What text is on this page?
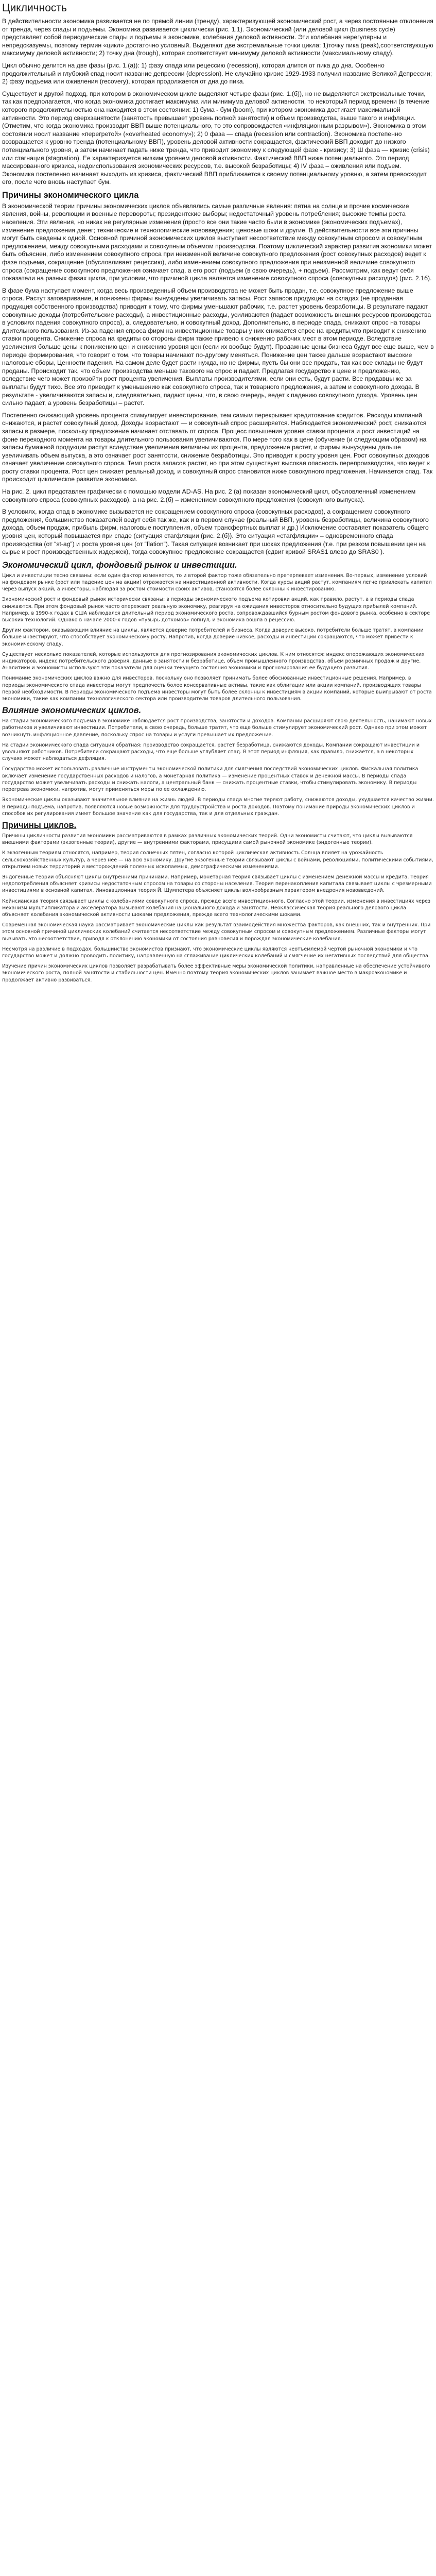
Цикличность

В действительности экономика развивается не по прямой линии (тренду), характеризующей экономический рост, а через постоянные отклонения от тренда, через спады и подъемы. Экономика развивается циклически (рис. 1.1). Экономический (или деловой цикл (business cycle) представляет собой периодические спады и подъемы в экономике, колебания деловой активности. Эти колебания нерегулярны и непредсказуемы, поэтому термин «цикл» достаточно условный. Выделяют две экстремальные точки цикла: 1)точку пика (peak),соответствующую максимуму деловой активности; 2) точку дна (trough), которая соответствует минимуму деловой активности (максимальному спаду).

Цикл обычно делится на две фазы (рис. 1.(а)): 1) фазу спада или рецессию (recession), которая длится от пика до дна. Особенно продолжительный и глубокий спад носит название депрессии (depression). Не случайно кризис 1929-1933 получил название Великой Депрессии; 2) фазу подъема или оживления (recovery), которая продолжается от дна до пика.

Существует и другой подход, при котором в экономическом цикле выделяют четыре фазы (рис. 1.(б)), но не выделяются экстремальные точки, так как предполагается, что когда экономика достигает максимума или минимума деловой активности, то некоторый период времени (в течение которого продолжительностью она находится в этом состоянии: 1) бума - бум (boom), при котором экономика достигает максимальной активности. Это период сверхзанятости (занятость превышает уровень полной занятости) и объем производства, выше такого и инфляции. (Отметим, что когда экономика производит ВВП выше потенциального, то это сопровождается «инфляционным разрывом»). Экономика в этом состоянии носит название «перегретой» («overheated economy»); 2) 0 фаза — спада (recession или contraction). Экономика постепенно возвращается к уровню тренда (потенциальному ВВП), уровень деловой активности сокращается, фактический ВВП доходит до низкого потенциального уровня, а затем начинает падать ниже тренда, что приводит экономику к следующей фазе - кризису; 3) Ш фаза — кризис (crisis) или стагнация (stagnation). Ее характеризуется низким уровнем деловой активности. Фактический ВВП ниже потенциального. Это период массированного кризиса, недоиспользования экономических ресурсов, т.е. высокой безработицы; 4) IV фаза – оживления или подъем. Экономика постепенно начинает выходить из кризиса, фактический ВВП приближается к своему потенциальному уровню, а затем превосходит его, после чего вновь наступает бум.

Причины экономического цикла

В экономической теории причины экономических циклов объявлялись самые различные явления: пятна на солнце и прочие космические явления, войны, революции и военные перевороты; президентские выборы; недостаточный уровень потребления; высокие темпы роста населения. Эти явления, но никак не регулярные изменения (просто все они такие часто были в экономике (экономических подъемах), изменение предложения денег; технические и технологические нововведения; ценовые шоки и другие. В действительности все эти причины могут быть сведены к одной. Основной причиной экономических циклов выступает несоответствие между совокупным спросом и совокупным предложением, между совокупными расходами и совокупным объемом производства. Поэтому циклический характер развития экономики может быть объяснен, либо изменением совокупного спроса при неизменной величине совокупного предложения (рост совокупных расходов) ведет к фазе подъема, сокращение (обусловливает рецессию), либо изменением совокупного предложения при неизменной величине совокупного спроса (сокращение совокупного предложения означает спад, а его рост (подъем (в свою очередь), + подъем). Рассмотрим, как ведут себя показатели на разных фазах цикла, при условии, что причиной цикла является изменение совокупного спроса (совокупных расходов) (рис. 2.1б).

В фазе бума наступает момент, когда весь произведенный объем производства не может быть продан, т.е. совокупное предложение выше спроса. Растут затоваривание, и понижены фирмы вынуждены увеличивать запасы. Рост запасов продукции на складах (не проданная продукция собственного производства) приводит к тому, что фирмы уменьшают рабочих, т.е. растет уровень безработицы. В результате падают совокупные доходы (потребительские расходы), а инвестиционные расходы, усиливаются (падает возможность внешних ресурсов производства в условиях падения совокупного спроса), а, следовательно, и совокупный доход. Дополнительно, в периоде спада, снижают спрос на товары длительного пользования. Из-за падения спроса фирм на инвестиционные товары у них снижается спрос на кредиты,что приводит к снижению ставки процента. Снижение спроса на кредиты со стороны фирм также привело к снижению рабочих мест в этом периоде. Вследствие увеличения больше цены к понижению цен и снижению уровня цен (если их вообще будут). Продажные цены бизнеса будут все еще выше, чем в периоде формирования, что говорит о том, что товары начинают по-другому меняться. Понижение цен также дальше возрастают высокие налоговые сборы, Ценности падения. На самом деле будет расти нужда, но не фирмы, пусть бы они все продать, так как все склады не будут проданы. Происходит так, что объем производства меньше такового на спрос и падает. Предлагая государство к цене и предложению, вследствие чего может произойти рост процента увеличения. Выплаты производителями, если они есть, будут расти. Все продавцы же за выплаты будут тихо. Все это приводит к уменьшению как совокупного спроса, так и товарного предложения, а затем и совокупного дохода. В результате - увеличиваются запасы и, следовательно, падают цены, что, в свою очередь, ведет к падению совокупного дохода. Уровень цен сильно падает, а уровень безработицы – растет.

Постепенно снижающий уровень процента стимулирует инвестирование, тем самым перекрывает кредитование кредитов. Расходы компаний снижаются, и растет совокупный доход. Доходы возрастают — и совокупный спрос расширяется. Наблюдается экономический рост, снижаются запасы в размере, поскольку предложение начинает отставать от спроса. Процесс повышения уровня ставки процента и рост инвестиций на фоне переходного момента на товары длительного пользования увеличиваются. По мере того как в цене (обучение (и следующим образом) на запасы бумажной продукции растут вследствие увеличения величины их процента, предложение растет, и фирмы вынуждены дальше увеличивать объем выпуска, а это означает рост занятости, снижение безработицы. Это приводит к росту уровня цен. Рост совокупных доходов означает увеличение совокупного спроса. Темп роста запасов растет, но при этом существует высокая опасность перепроизводства, что ведет к росту ставки процента. Рост цен снижает реальный доход, и совокупный спрос становится ниже совокупного предложения. Начинается спад. Так происходит циклическое развитие экономики.

На рис. 2. цикл представлен графически с помощью модели AD-AS. На рис. 2 (а) показан экономический цикл, обусловленный изменением совокупного спроса (совокупных расходов), а на рис. 2.(б) – изменением совокупного предложения (совокупного выпуска).

В условиях, когда спад в экономике вызывается не сокращением совокупного спроса (совокупных расходов), а сокращением совокупного предложения, большинство показателей ведут себя так же, как и в первом случае (реальный ВВП, уровень безработицы, величина совокупного дохода, объем продаж, прибыль фирм, налоговые поступления, объем трансфертных выплат и др.) Исключение составляет показатель общего уровня цен, который повышается при спаде (ситуация стагфляции (рис. 2.(б)). Это ситуация «стагфляции» – одновременного спада производства (от “st-ag”) и роста уровня цен (от “flation”). Такая ситуация возникает при шоках предложения (т.е. при резком повышении цен на сырье и рост производственных издержек), тогда совокупное предложение сокращается (сдвиг кривой SRAS1 влево до SRAS0 ).

Экономический цикл, фондовый рынок и инвестиции.

Цикл и инвестиции тесно связаны: если один фактор изменяется, то и второй фактор тоже обязательно претерпевает изменения. Во-первых, изменение условий на фондовом рынке (рост или падение цен на акции) отражается на инвестиционной активности. Когда курсы акций растут, компаниям легче привлекать капитал через выпуск акций, а инвесторы, наблюдая за ростом стоимости своих активов, становятся более склонны к инвестированию.

Экономический рост и фондовый рынок исторически связаны: в периоды экономического подъема котировки акций, как правило, растут, а в периоды спада снижаются. При этом фондовый рынок часто опережает реальную экономику, реагируя на ожидания инвесторов относительно будущих прибылей компаний. Например, в 1990-х годах в США наблюдался длительный период экономического роста, сопровождавшийся бурным ростом фондового рынка, особенно в секторе высоких технологий. Однако в начале 2000-х годов «пузырь доткомов» лопнул, и экономика вошла в рецессию.

Другим фактором, оказывающим влияние на циклы, является доверие потребителей и бизнеса. Когда доверие высоко, потребители больше тратят, а компании больше инвестируют, что способствует экономическому росту. Напротив, когда доверие низкое, расходы и инвестиции сокращаются, что может привести к экономическому спаду.

Существует несколько показателей, которые используются для прогнозирования экономических циклов. К ним относятся: индекс опережающих экономических индикаторов, индекс потребительского доверия, данные о занятости и безработице, объем промышленного производства, объем розничных продаж и другие. Аналитики и экономисты используют эти показатели для оценки текущего состояния экономики и прогнозирования ее будущего развития.

Понимание экономических циклов важно для инвесторов, поскольку оно позволяет принимать более обоснованные инвестиционные решения. Например, в периоды экономического спада инвесторы могут предпочесть более консервативные активы, такие как облигации или акции компаний, производящих товары первой необходимости. В периоды экономического подъема инвесторы могут быть более склонны к инвестициям в акции компаний, которые выигрывают от роста экономики, такие как компании технологического сектора или производители товаров длительного пользования.

Влияние экономических циклов.

На стадии экономического подъема в экономике наблюдается рост производства, занятости и доходов. Компании расширяют свою деятельность, нанимают новых работников и увеличивают инвестиции. Потребители, в свою очередь, больше тратят, что еще больше стимулирует экономический рост. Однако при этом может возникнуть инфляционное давление, поскольку спрос на товары и услуги превышает их предложение.

На стадии экономического спада ситуация обратная: производство сокращается, растет безработица, снижаются доходы. Компании сокращают инвестиции и увольняют работников. Потребители сокращают расходы, что еще больше углубляет спад. В этот период инфляция, как правило, снижается, а в некоторых случаях может наблюдаться дефляция.

Государство может использовать различные инструменты экономической политики для смягчения последствий экономических циклов. Фискальная политика включает изменение государственных расходов и налогов, а монетарная политика — изменение процентных ставок и денежной массы. В периоды спада государство может увеличивать расходы и снижать налоги, а центральный банк — снижать процентные ставки, чтобы стимулировать экономику. В периоды перегрева экономики, напротив, могут применяться меры по ее охлаждению.

Экономические циклы оказывают значительное влияние на жизнь людей. В периоды спада многие теряют работу, снижаются доходы, ухудшается качество жизни. В периоды подъема, напротив, появляются новые возможности для трудоустройства и роста доходов. Поэтому понимание природы экономических циклов и способов их регулирования имеет большое значение как для государства, так и для отдельных граждан.

Причины циклов.

Причины цикличности развития экономики рассматриваются в рамках различных экономических теорий. Одни экономисты считают, что циклы вызываются внешними факторами (экзогенные теории), другие — внутренними факторами, присущими самой рыночной экономике (эндогенные теории).

К экзогенным теориям относятся, например, теория солнечных пятен, согласно которой циклическая активность Солнца влияет на урожайность сельскохозяйственных культур, а через нее — на всю экономику. Другие экзогенные теории связывают циклы с войнами, революциями, политическими событиями, открытием новых территорий и месторождений полезных ископаемых, демографическими изменениями.

Эндогенные теории объясняют циклы внутренними причинами. Например, монетарная теория связывает циклы с изменением денежной массы и кредита. Теория недопотребления объясняет кризисы недостаточным спросом на товары со стороны населения. Теория перенакопления капитала связывает циклы с чрезмерными инвестициями в основной капитал. Инновационная теория Й. Шумпетера объясняет циклы волнообразным характером внедрения нововведений.

Кейнсианская теория связывает циклы с колебаниями совокупного спроса, прежде всего инвестиционного. Согласно этой теории, изменения в инвестициях через механизм мультипликатора и акселератора вызывают колебания национального дохода и занятости. Неоклассическая теория реального делового цикла объясняет колебания экономической активности шоками предложения, прежде всего технологическими шоками.

Современная экономическая наука рассматривает экономические циклы как результат взаимодействия множества факторов, как внешних, так и внутренних. При этом основной причиной циклических колебаний считается несоответствие между совокупным спросом и совокупным предложением. Различные факторы могут вызывать это несоответствие, приводя к отклонению экономики от состояния равновесия и порождая экономические колебания.

Несмотря на различие в подходах, большинство экономистов признают, что экономические циклы являются неотъемлемой чертой рыночной экономики и что государство может и должно проводить политику, направленную на сглаживание циклических колебаний и смягчение их негативных последствий для общества.

Изучение причин экономических циклов позволяет разрабатывать более эффективные меры экономической политики, направленные на обеспечение устойчивого экономического роста, полной занятости и стабильности цен. Именно поэтому теория экономических циклов занимает важное место в макроэкономике и продолжает активно развиваться.
